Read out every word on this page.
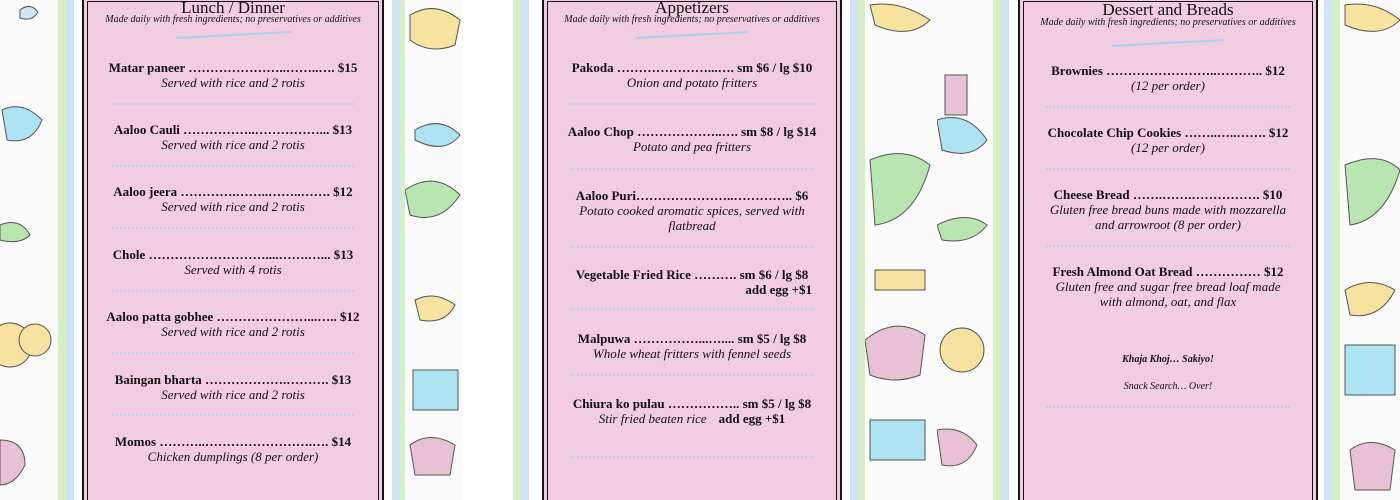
Lunch / Dinner
Made daily with fresh ingredients; no preservatives or additives
Matar paneer …………………..……..…. $15
Served with rice and 2 rotis
Aaloo Cauli ……………..……………... $13
Served with rice and 2 rotis
Aaloo jeera ………….……..……..……. $12
Served with rice and 2 rotis
Chole ………………………....…….…... $13
Served with 4 rotis
Aaloo patta gobhee …………………...….. $12
Served with rice and 2 rotis
Baingan bharta ……………….………. $13
Served with rice and 2 rotis
Momos ………..…………………….…. $14
Chicken dumplings (8 per order)
Appetizers
Made daily with fresh ingredients; no preservatives or additives
Pakoda …………………...…. sm $6 / lg $10
Onion and potato fritters
Aaloo Chop ………………..…. sm $8 / lg $14
Potato and pea fritters
Aaloo Puri…………………..………….. $6
Potato cooked aromatic spices, served with flatbread
Vegetable Fried Rice ………. sm $6 / lg $8
add egg +$1
Malpuwa ……………...….... sm $5 / lg $8
Whole wheat fritters with fennel seeds
Chiura ko pulau …………….. sm $5 / lg $8
Stir fried beaten rice add egg +$1
Dessert and Breads
Made daily with fresh ingredients; no preservatives or additives
Brownies ……………………..……….. $12
(12 per order)
Chocolate Chip Cookies ……..…..……. $12
(12 per order)
Cheese Bread …….…….……………. $10
Gluten free bread buns made with mozzarella and arrowroot (8 per order)
Fresh Almond Oat Bread …………… $12
Gluten free and sugar free bread loaf made with almond, oat, and flax
Khaja Khoj… Sakiyo!
Snack Search… Over!
